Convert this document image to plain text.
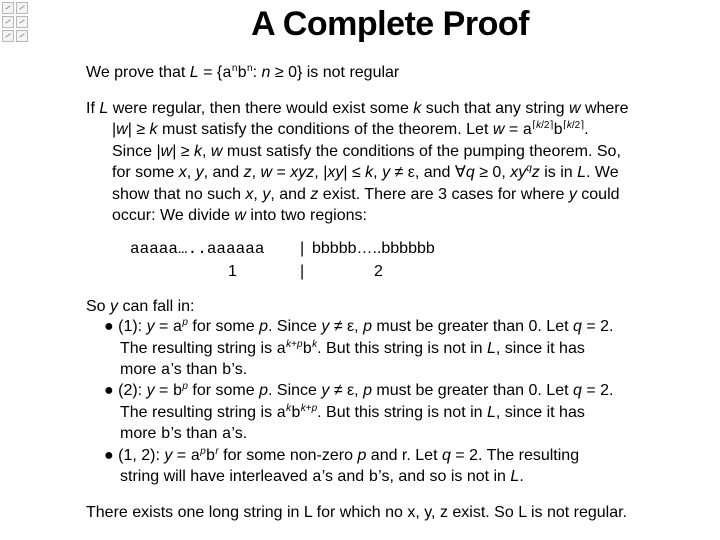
A Complete Proof
We prove that $L = \{a^nb^n$: n ≥ 0} is not regular
If L were regular, then there would exist some k such that any string w where
|w| ≥ k must satisfy the conditions of the theorem. Let $w = a^{⌈k/2⌉}b^{⌈k/2⌉}$.
Since |w| ≥ k, w must satisfy the conditions of the pumping theorem. So,
for some x, y, and z, w = xyz, |xy| ≤ k, y ≠ ε, and ∀q ≥ 0, $xy^qz$ is in L. We
show that no such x, y, and z exist. There are 3 cases for where y could
occur: We divide w into two regions:
aaaaa…..aaaaaa | bbbbb…..bbbbbb
1	|	2
So y can fall in:
● (1): $y = a^p$ for some p. Since y ≠ ε, p must be greater than 0. Let q = 2.
The resulting string is $a^{k+p}b^k$. But this string is not in L, since it has
more a’s than b’s.
● (2): $y = b^p$ for some p. Since y ≠ ε, p must be greater than 0. Let q = 2.
The resulting string is $a^kb^{k+p}$. But this string is not in L, since it has
more b’s than a’s.
● (1, 2): $y = a^pb^r$ for some non-zero p and r. Let q = 2. The resulting
string will have interleaved a’s and b’s, and so is not in L.
There exists one long string in L for which no x, y, z exist. So L is not regular.
